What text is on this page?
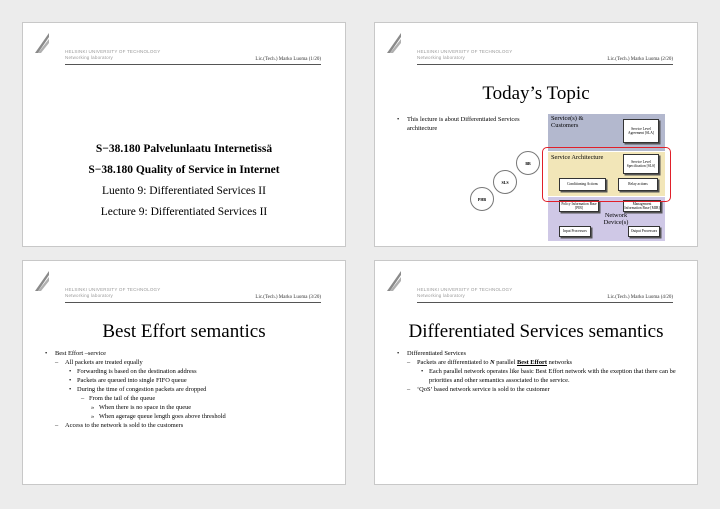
HELSINKI UNIVERSITY OF TECHNOLOGY
Networking laboratory	Lic.(Tech.) Marko Luoma (1/20)
S−38.180 Palvelunlaatu Internetissä
S−38.180 Quality of Service in Internet
Luento 9: Differentiated Services II
Lecture 9: Differentiated Services II
HELSINKI UNIVERSITY OF TECHNOLOGY
Networking laboratory	Lic.(Tech.) Marko Luoma (2/20)
Today’s Topic
• This lecture is about Differentiated Services architecture
Service(s) & Customers	Service Level Agreement [SLA]
Service Architecture
Service Level Specification [SLS]
Conditioning Actions	Relay actions
Policy Information Base [PIB]
Management Information Base [MIB]
Network Device(s)
Input Processors	Output Processors
BB
SLS
PHB
HELSINKI UNIVERSITY OF TECHNOLOGY
Networking laboratory	Lic.(Tech.) Marko Luoma (3/20)
Best Effort semantics
• Best Effort –service
– All packets are treated equally
• Forwarding is based on the destination address
• Packets are queued into single FIFO queue
• During the time of congestion packets are dropped
– From the tail of the queue
» When there is no space in the queue
» When agerage queue length goes above threshold
– Access to the network is sold to the customers
HELSINKI UNIVERSITY OF TECHNOLOGY
Networking laboratory	Lic.(Tech.) Marko Luoma (4/20)
Differentiated Services semantics
• Differentiated Services
– Packets are differentiated to N parallel Best Effort networks
• Each parallel network operates like basic Best Effort network with the exeption that there can be priorities and other semantics associated to the service.
– ‘QoS’ based network service is sold to the customer
